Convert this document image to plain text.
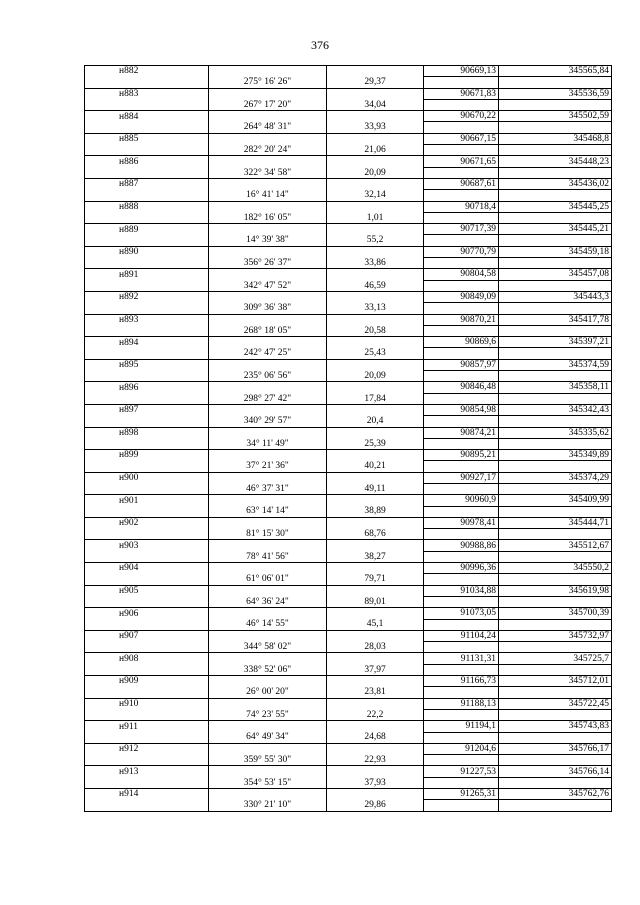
376
н882			90669,13	345565,84
	275° 16' 26"	29,37		
н883			90671,83	345536,59
	267° 17' 20"	34,04		
н884			90670,22	345502,59
	264° 48' 31"	33,93		
н885			90667,15	345468,8
	282° 20' 24"	21,06		
н886			90671,65	345448,23
	322° 34' 58"	20,09		
н887			90687,61	345436,02
	16° 41' 14"	32,14		
н888			90718,4	345445,25
	182° 16' 05"	1,01		
н889			90717,39	345445,21
	14° 39' 38"	55,2		
н890			90770,79	345459,18
	356° 26' 37"	33,86		
н891			90804,58	345457,08
	342° 47' 52"	46,59		
н892			90849,09	345443,3
	309° 36' 38"	33,13		
н893			90870,21	345417,78
	268° 18' 05"	20,58		
н894			90869,6	345397,21
	242° 47' 25"	25,43		
н895			90857,97	345374,59
	235° 06' 56"	20,09		
н896			90846,48	345358,11
	298° 27' 42"	17,84		
н897			90854,98	345342,43
	340° 29' 57"	20,4		
н898			90874,21	345335,62
	34° 11' 49"	25,39		
н899			90895,21	345349,89
	37° 21' 36"	40,21		
н900			90927,17	345374,29
	46° 37' 31"	49,11		
н901			90960,9	345409,99
	63° 14' 14"	38,89		
н902			90978,41	345444,71
	81° 15' 30"	68,76		
н903			90988,86	345512,67
	78° 41' 56"	38,27		
н904			90996,36	345550,2
	61° 06' 01"	79,71		
н905			91034,88	345619,98
	64° 36' 24"	89,01		
н906			91073,05	345700,39
	46° 14' 55"	45,1		
н907			91104,24	345732,97
	344° 58' 02"	28,03		
н908			91131,31	345725,7
	338° 52' 06"	37,97		
н909			91166,73	345712,01
	26° 00' 20"	23,81		
н910			91188,13	345722,45
	74° 23' 55"	22,2		
н911			91194,1	345743,83
	64° 49' 34"	24,68		
н912			91204,6	345766,17
	359° 55' 30"	22,93		
н913			91227,53	345766,14
	354° 53' 15"	37,93		
н914			91265,31	345762,76
	330° 21' 10"	29,86		
